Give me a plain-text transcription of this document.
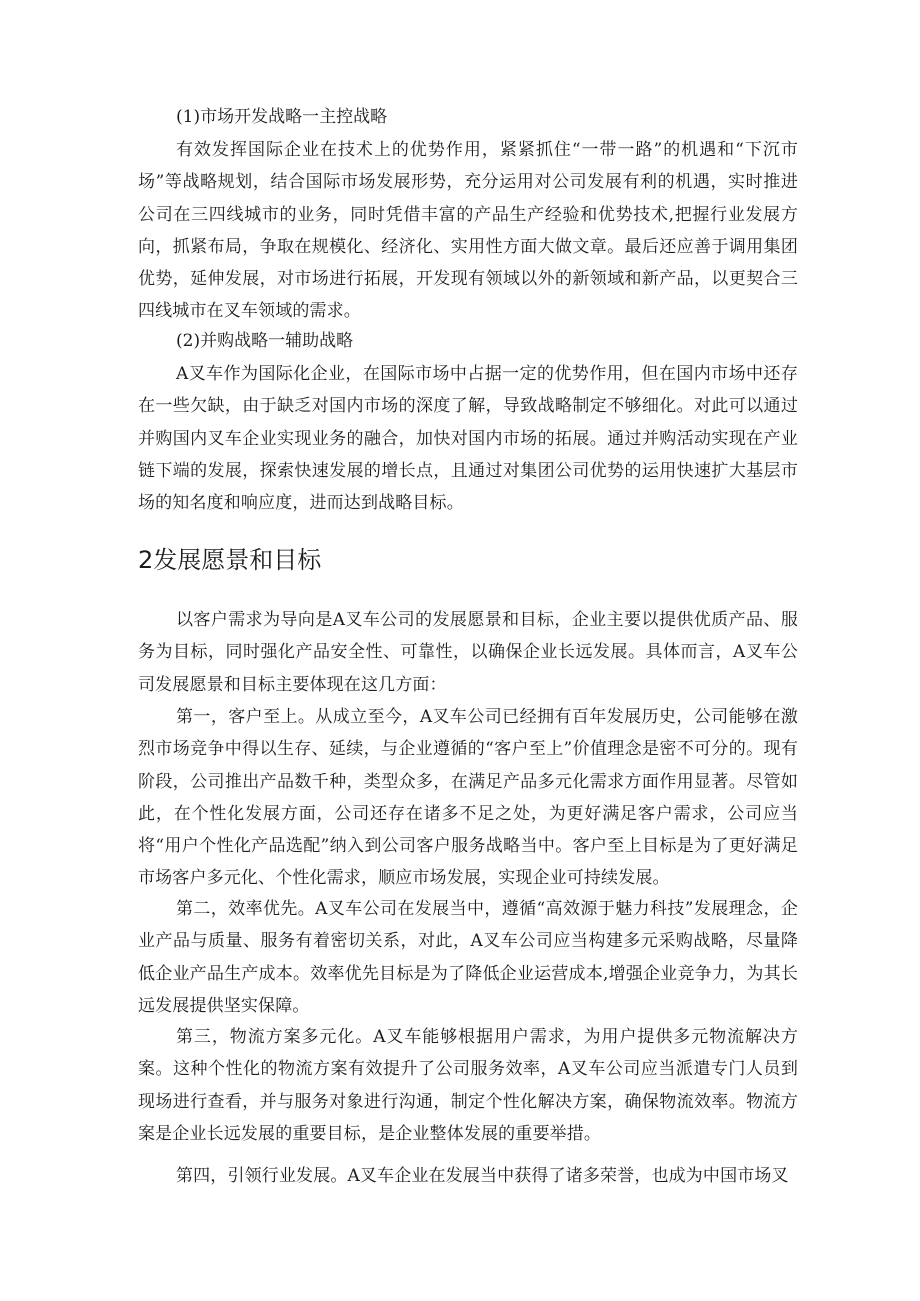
(1)市场开发战略一主控战略

有效发挥国际企业在技术上的优势作用，紧紧抓住“一带一路”的机遇和“下沉市场”等战略规划，结合国际市场发展形势，充分运用对公司发展有利的机遇，实时推进公司在三四线城市的业务，同时凭借丰富的产品生产经验和优势技术,把握行业发展方向，抓紧布局，争取在规模化、经济化、实用性方面大做文章。最后还应善于调用集团优势，延伸发展，对市场进行拓展，开发现有领域以外的新领域和新产品，以更契合三四线城市在叉车领域的需求。

(2)并购战略一辅助战略

A叉车作为国际化企业，在国际市场中占据一定的优势作用，但在国内市场中还存在一些欠缺，由于缺乏对国内市场的深度了解，导致战略制定不够细化。对此可以通过并购国内叉车企业实现业务的融合，加快对国内市场的拓展。通过并购活动实现在产业链下端的发展，探索快速发展的增长点，且通过对集团公司优势的运用快速扩大基层市场的知名度和响应度，进而达到战略目标。

2发展愿景和目标

以客户需求为导向是A叉车公司的发展愿景和目标，企业主要以提供优质产品、服务为目标，同时强化产品安全性、可靠性，以确保企业长远发展。具体而言，A叉车公司发展愿景和目标主要体现在这几方面：

第一，客户至上。从成立至今，A叉车公司已经拥有百年发展历史，公司能够在激烈市场竞争中得以生存、延续，与企业遵循的“客户至上”价值理念是密不可分的。现有阶段，公司推出产品数千种，类型众多，在满足产品多元化需求方面作用显著。尽管如此，在个性化发展方面，公司还存在诸多不足之处，为更好满足客户需求，公司应当将“用户个性化产品选配”纳入到公司客户服务战略当中。客户至上目标是为了更好满足市场客户多元化、个性化需求，顺应市场发展，实现企业可持续发展。

第二，效率优先。A叉车公司在发展当中，遵循“高效源于魅力科技”发展理念，企业产品与质量、服务有着密切关系，对此，A叉车公司应当构建多元采购战略，尽量降低企业产品生产成本。效率优先目标是为了降低企业运营成本,增强企业竞争力，为其长远发展提供坚实保障。

第三，物流方案多元化。A叉车能够根据用户需求，为用户提供多元物流解决方案。这种个性化的物流方案有效提升了公司服务效率，A叉车公司应当派遣专门人员到现场进行查看，并与服务对象进行沟通，制定个性化解决方案，确保物流效率。物流方案是企业长远发展的重要目标，是企业整体发展的重要举措。

第四，引领行业发展。A叉车企业在发展当中获得了诸多荣誉，也成为中国市场叉
